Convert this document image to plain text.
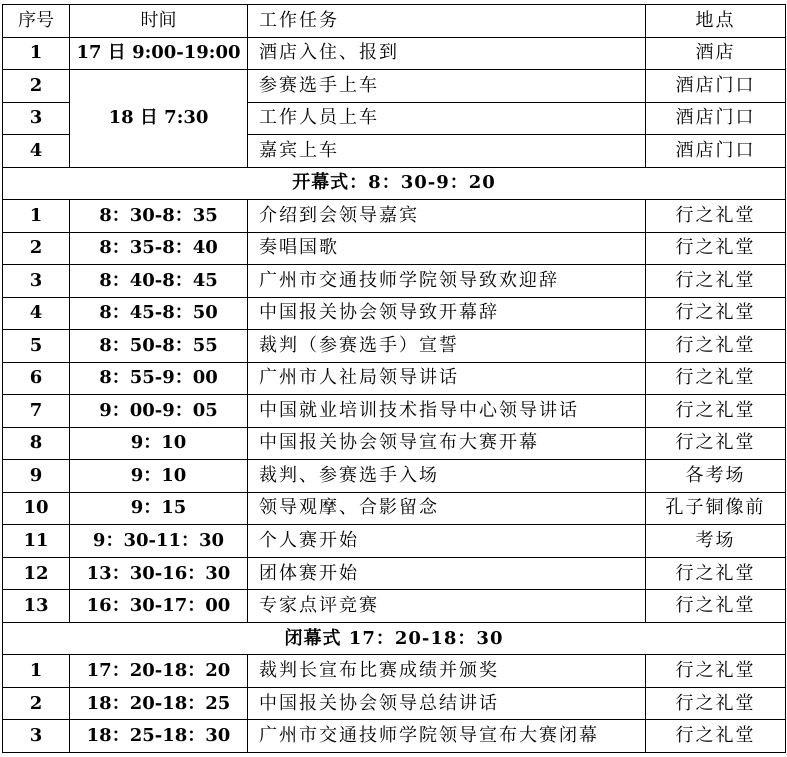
序号	时间	工作任务	地点
1	17 日 9:00-19:00	酒店入住、报到	酒店
2	18 日 7:30	参赛选手上车	酒店门口
3		工作人员上车	酒店门口
4		嘉宾上车	酒店门口
开幕式：8：30-9：20			
1	8：30-8：35	介绍到会领导嘉宾	行之礼堂
2	8：35-8：40	奏唱国歌	行之礼堂
3	8：40-8：45	广州市交通技师学院领导致欢迎辞	行之礼堂
4	8：45-8：50	中国报关协会领导致开幕辞	行之礼堂
5	8：50-8：55	裁判（参赛选手）宣誓	行之礼堂
6	8：55-9：00	广州市人社局领导讲话	行之礼堂
7	9：00-9：05	中国就业培训技术指导中心领导讲话	行之礼堂
8	9：10	中国报关协会领导宣布大赛开幕	行之礼堂
9	9：10	裁判、参赛选手入场	各考场
10	9：15	领导观摩、合影留念	孔子铜像前
11	9：30-11：30	个人赛开始	考场
12	13：30-16：30	团体赛开始	行之礼堂
13	16：30-17：00	专家点评竞赛	行之礼堂
闭幕式 17：20-18：30			
1	17：20-18：20	裁判长宣布比赛成绩并颁奖	行之礼堂
2	18：20-18：25	中国报关协会领导总结讲话	行之礼堂
3	18：25-18：30	广州市交通技师学院领导宣布大赛闭幕	行之礼堂
